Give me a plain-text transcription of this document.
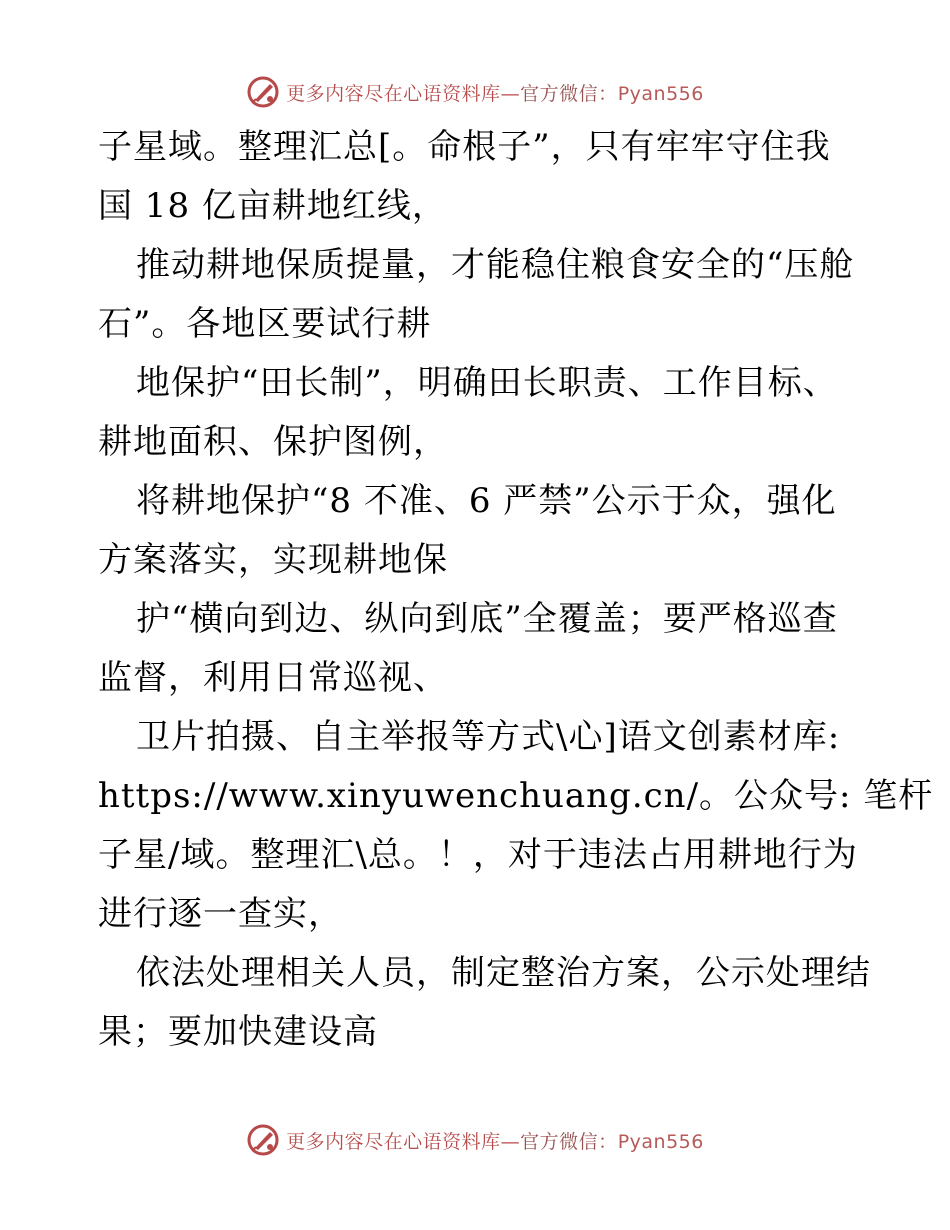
更多内容尽在心语资料库—官方微信：Pyan556
子星域。整理汇总[。命根子”，只有牢牢守住我
国 18 亿亩耕地红线，
推动耕地保质提量，才能稳住粮食安全的“压舱
石”。各地区要试行耕
地保护“田长制”，明确田长职责、工作目标、
耕地面积、保护图例，
将耕地保护“8 不准、6 严禁”公示于众，强化
方案落实，实现耕地保
护“横向到边、纵向到底”全覆盖；要严格巡查
监督，利用日常巡视、
卫片拍摄、自主举报等方式\心]语文创素材库:
https://www.xinyuwenchuang.cn/。公众号: 笔杆
子星/域。整理汇\总。！，对于违法占用耕地行为
进行逐一查实，
依法处理相关人员，制定整治方案，公示处理结
果；要加快建设高
更多内容尽在心语资料库—官方微信：Pyan556
